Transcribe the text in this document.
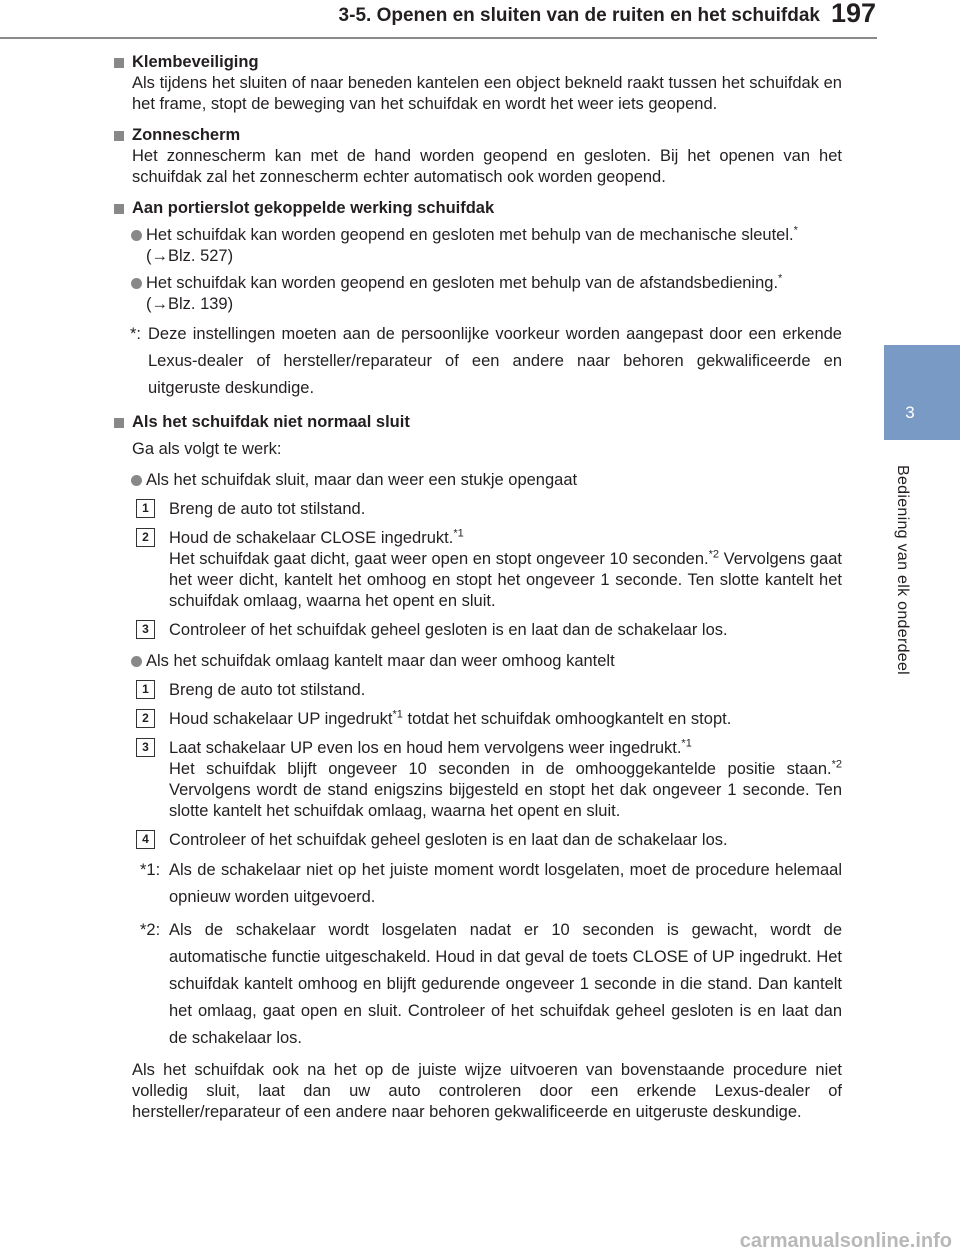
3-5. Openen en sluiten van de ruiten en het schuifdak 197
3
Bediening van elk onderdeel
Klembeveiliging
Als tijdens het sluiten of naar beneden kantelen een object bekneld raakt tussen het schuifdak en het frame, stopt de beweging van het schuifdak en wordt het weer iets geopend.
Zonnescherm
Het zonnescherm kan met de hand worden geopend en gesloten. Bij het openen van het schuifdak zal het zonnescherm echter automatisch ook worden geopend.
Aan portierslot gekoppelde werking schuifdak
Het schuifdak kan worden geopend en gesloten met behulp van de mechanische sleutel.*
(→Blz. 527)
Het schuifdak kan worden geopend en gesloten met behulp van de afstandsbediening.*
(→Blz. 139)
*: Deze instellingen moeten aan de persoonlijke voorkeur worden aangepast door een erkende Lexus-dealer of hersteller/reparateur of een andere naar behoren gekwalificeerde en uitgeruste deskundige.
Als het schuifdak niet normaal sluit
Ga als volgt te werk:
Als het schuifdak sluit, maar dan weer een stukje opengaat
1	Breng de auto tot stilstand.
2	Houd de schakelaar CLOSE ingedrukt.$^{*1}$
Het schuifdak gaat dicht, gaat weer open en stopt ongeveer 10 seconden.$^{*2}$ Vervolgens gaat het weer dicht, kantelt het omhoog en stopt het ongeveer 1 seconde. Ten slotte kantelt het schuifdak omlaag, waarna het opent en sluit.
3	Controleer of het schuifdak geheel gesloten is en laat dan de schakelaar los.
Als het schuifdak omlaag kantelt maar dan weer omhoog kantelt
1	Breng de auto tot stilstand.
2	Houd schakelaar UP ingedrukt$^{*1}$ totdat het schuifdak omhoogkantelt en stopt.
3	Laat schakelaar UP even los en houd hem vervolgens weer ingedrukt.$^{*1}$
Het schuifdak blijft ongeveer 10 seconden in de omhooggekantelde positie staan.$^{*2}$ Vervolgens wordt de stand enigszins bijgesteld en stopt het dak ongeveer 1 seconde. Ten slotte kantelt het schuifdak omlaag, waarna het opent en sluit.
4	Controleer of het schuifdak geheel gesloten is en laat dan de schakelaar los.
*1: Als de schakelaar niet op het juiste moment wordt losgelaten, moet de procedure helemaal opnieuw worden uitgevoerd.
*2: Als de schakelaar wordt losgelaten nadat er 10 seconden is gewacht, wordt de automatische functie uitgeschakeld. Houd in dat geval de toets CLOSE of UP ingedrukt. Het schuifdak kantelt omhoog en blijft gedurende ongeveer 1 seconde in die stand. Dan kantelt het omlaag, gaat open en sluit. Controleer of het schuifdak geheel gesloten is en laat dan de schakelaar los.
Als het schuifdak ook na het op de juiste wijze uitvoeren van bovenstaande procedure niet volledig sluit, laat dan uw auto controleren door een erkende Lexus-dealer of hersteller/reparateur of een andere naar behoren gekwalificeerde en uitgeruste deskundige.
carmanualsonline.info
